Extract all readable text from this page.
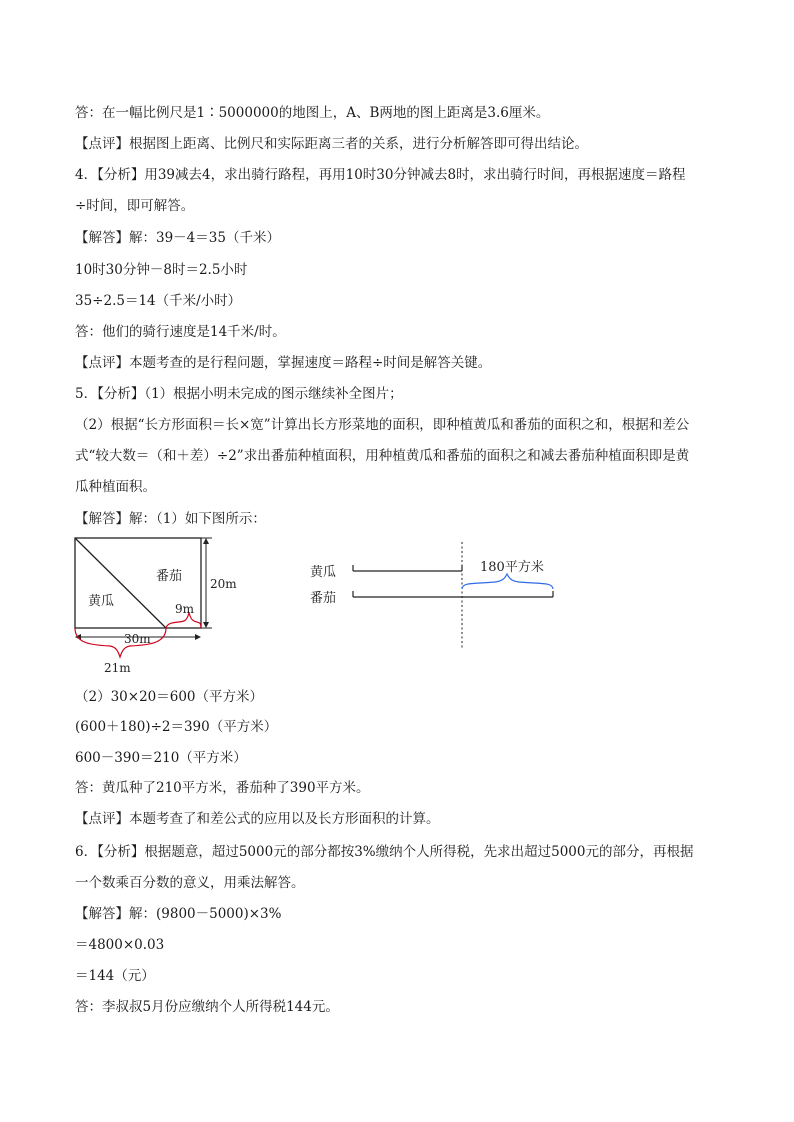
答：在一幅比例尺是1∶5000000的地图上，A、B两地的图上距离是3.6厘米。
【点评】根据图上距离、比例尺和实际距离三者的关系，进行分析解答即可得出结论。
4．【分析】用39减去4，求出骑行路程，再用10时30分钟减去8时，求出骑行时间，再根据速度＝路程
÷时间，即可解答。
【解答】解：39－4＝35（千米）
10时30分钟－8时＝2.5小时
35÷2.5＝14（千米/小时）
答：他们的骑行速度是14千米/时。
【点评】本题考查的是行程问题，掌握速度＝路程÷时间是解答关键。
5．【分析】（1）根据小明未完成的图示继续补全图片；
（2）根据“长方形面积＝长×宽”计算出长方形菜地的面积，即种植黄瓜和番茄的面积之和，根据和差公
式“较大数＝（和＋差）÷2”求出番茄种植面积，用种植黄瓜和番茄的面积之和减去番茄种植面积即是黄
瓜种植面积。
【解答】解：（1）如下图所示：
番茄
黄瓜
20m
9m
30m
21m
黄瓜
番茄
180平方米
（2）30×20＝600（平方米）
(600＋180)÷2＝390（平方米）
600－390＝210（平方米）
答：黄瓜种了210平方米，番茄种了390平方米。
【点评】本题考查了和差公式的应用以及长方形面积的计算。
6．【分析】根据题意，超过5000元的部分都按3%缴纳个人所得税，先求出超过5000元的部分，再根据
一个数乘百分数的意义，用乘法解答。
【解答】解：(9800－5000)×3%
＝4800×0.03
＝144（元）
答：李叔叔5月份应缴纳个人所得税144元。
